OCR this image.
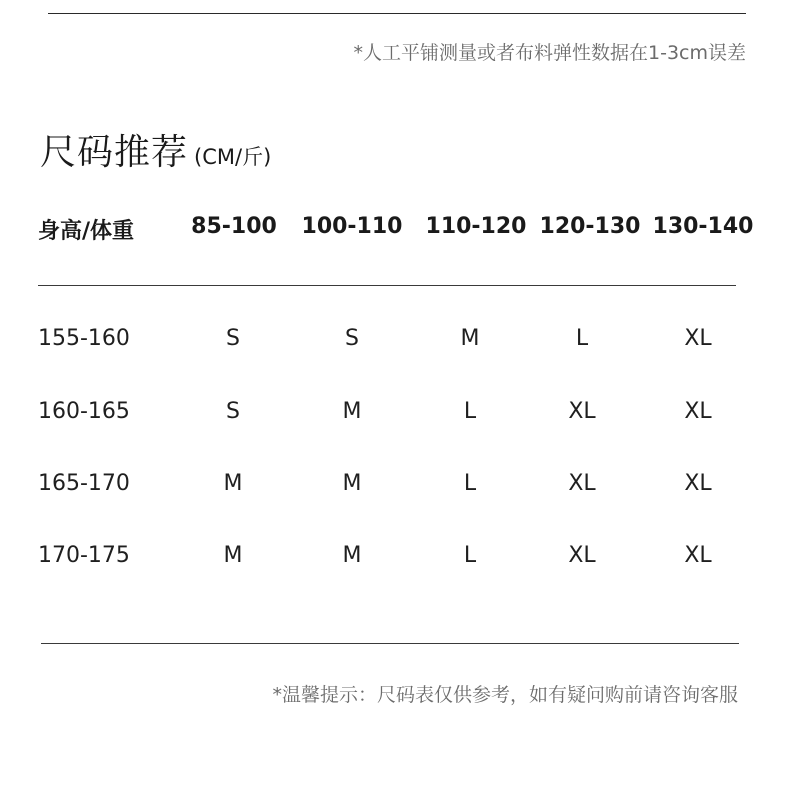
*人工平铺测量或者布料弹性数据在1-3cm误差
尺码推荐 (CM/斤)
身高/体重	85-100 100-110 110-120 120-130 130-140
155-160	S	S	M	L	XL
160-165	S	M	L	XL	XL
165-170	M	M	L	XL	XL
170-175	M	M	L	XL	XL
*温馨提示：尺码表仅供参考，如有疑问购前请咨询客服
